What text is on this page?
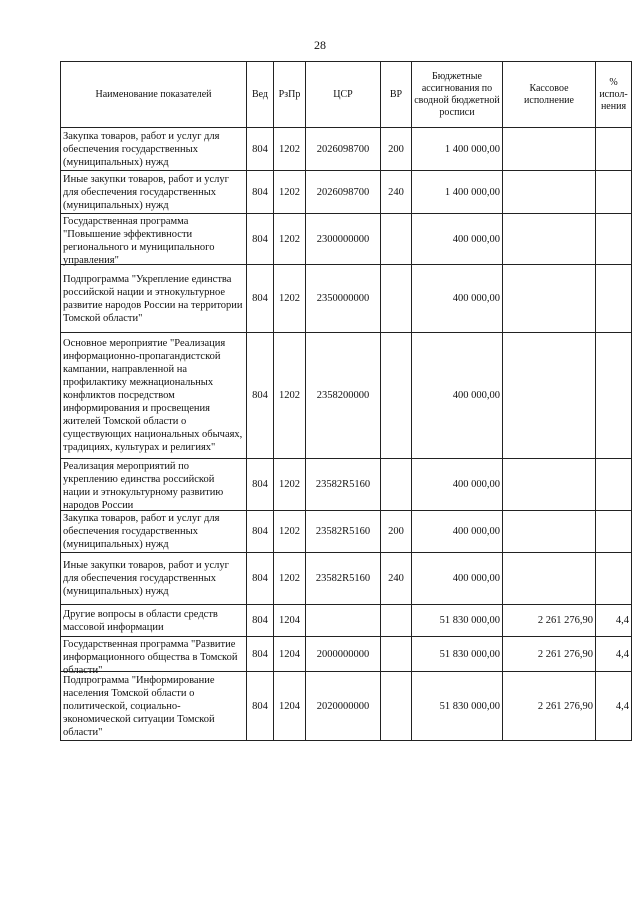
28
Наименование показателей	Вед	РзПр	ЦСР	ВР	Бюджетные ассигнования по сводной бюджетной росписи	Кассовое исполнение	% испол-нения

Закупка товаров, работ и услуг для обеспечения государственных (муниципальных) нужд	804	1202	2026098700	200	1 400 000,00		

Иные закупки товаров, работ и услуг для обеспечения государственных (муниципальных) нужд	804	1202	2026098700	240	1 400 000,00		

Государственная программа "Повышение эффективности регионального и муниципального управления"	804	1202	2300000000		400 000,00		

Подпрограмма "Укрепление единства российской нации и этнокультурное развитие народов России на территории Томской области"	804	1202	2350000000		400 000,00		

Основное мероприятие "Реализация информационно-пропагандистской кампании, направленной на профилактику межнациональных конфликтов посредством информирования и просвещения жителей Томской области о существующих национальных обычаях, традициях, культурах и религиях"	804	1202	2358200000		400 000,00		

Реализация мероприятий по укреплению единства российской нации и этнокультурному развитию народов России	804	1202	23582R5160		400 000,00		

Закупка товаров, работ и услуг для обеспечения государственных (муниципальных) нужд	804	1202	23582R5160	200	400 000,00		

Иные закупки товаров, работ и услуг для обеспечения государственных (муниципальных) нужд	804	1202	23582R5160	240	400 000,00		

Другие вопросы в области средств массовой информации	804	1204			51 830 000,00	2 261 276,90	4,4

Государственная программа "Развитие информационного общества в Томской области"	804	1204	2000000000		51 830 000,00	2 261 276,90	4,4

Подпрограмма "Информирование населения Томской области о политической, социально-экономической ситуации Томской области"	804	1204	2020000000		51 830 000,00	2 261 276,90	4,4
